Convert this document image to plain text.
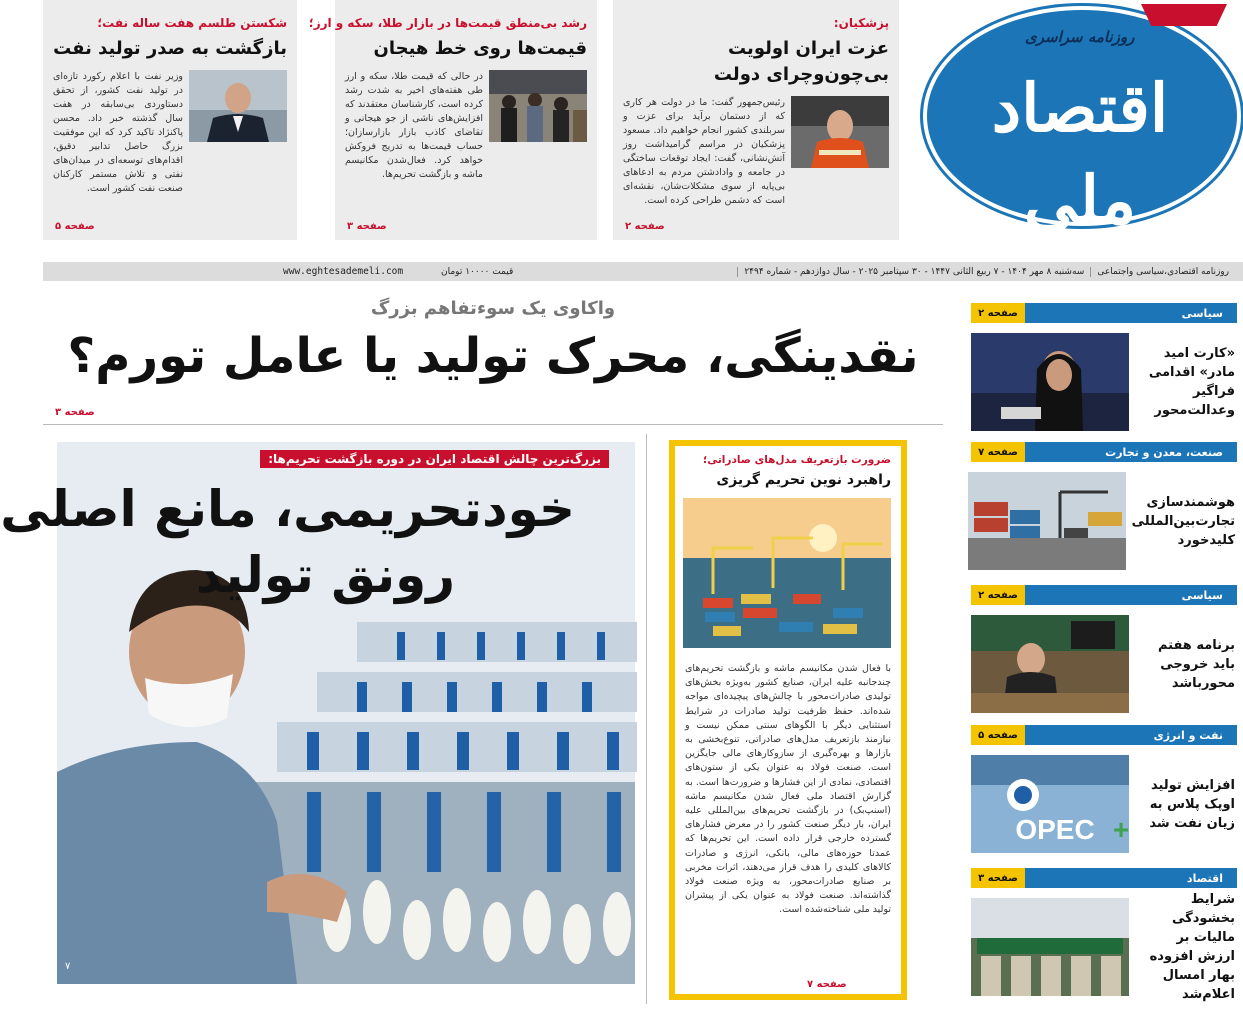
پزشکیان:
عزت ایران اولویت بی‌چون‌وچرای دولت
رئیس‌جمهور گفت: ما در دولت هر کاری که از دستمان برآید برای عزت و سربلندی کشور انجام خواهیم داد. مسعود پزشکیان در مراسم گرامیداشت روز آتش‌نشانی، گفت: ایجاد توقعات ساختگی در جامعه و وادادشتن مردم به ادعاهای بی‌پایه از سوی مشکلات‌شان، نقشه‌ای است که دشمن طراحی کرده است.
صفحه ۲
رشد بی‌منطق قیمت‌ها در بازار طلا، سکه و ارز؛
قیمت‌ها روی خط هیجان
در حالی که قیمت طلا، سکه و ارز طی هفته‌های اخیر به شدت رشد کرده است، کارشناسان معتقدند که افزایش‌های ناشی از جو هیجانی و تقاضای کاذب بازار بازارسازان؛ حساب قیمت‌ها به تدریج فروکش خواهد کرد. فعال‌شدن مکانیسم ماشه و بازگشت تحریم‌ها.
صفحه ۳
شکستن طلسم هفت ساله نفت؛
بازگشت به صدر تولید نفت
وزیر نفت با اعلام رکورد تازه‌ای در تولید نفت کشور، از تحقق دستاوردی بی‌سابقه در هفت سال گذشته خبر داد. محسن پاکنژاد تاکید کرد که این موفقیت بزرگ حاصل تدابیر دقیق، اقدام‌های توسعه‌ای در میدان‌های نفتی و تلاش مستمر کارکنان صنعت نفت کشور است.
صفحه ۵
روزنامه سراسری
اقتصاد ملی
روزنامه اقتصادی،سیاسی واجتماعی
سه‌شنبه ۸ مهر ۱۴۰۴ - ۷ ربیع الثانی ۱۴۴۷ - ۳۰ سپتامبر ۲۰۲۵ - سال دوازدهم - شماره ۲۴۹۴
قیمت ۱۰۰۰۰ تومان
www.eghtesademeli.com
واکاوی یک سوء‌تفاهم بزرگ
نقدینگی، محرک تولید یا عامل تورم؟
صفحه ۳
بزرگ‌ترین چالش اقتصاد ایران در دوره بازگشت تحریم‌ها:
خودتحریمی، مانع اصلی
رونق تولید
۷
ضرورت بازتعریف مدل‌های صادراتی؛
راهبرد نوین تحریم گریزی
با فعال شدن مکانیسم ماشه و بازگشت تحریم‌های چندجانبه علیه ایران، صنایع کشور به‌ویژه بخش‌های تولیدی صادرات‌محور با چالش‌های پیچیده‌ای مواجه شده‌اند. حفظ ظرفیت تولید صادرات در شرایط استثنایی دیگر با الگوهای سنتی ممکن نیست و نیازمند بازتعریف مدل‌های صادراتی، تنوع‌بخشی به بازارها و بهره‌گیری از سازوکارهای مالی جایگزین است. صنعت فولاد به عنوان یکی از ستون‌های اقتصادی، نمادی از این فشارها و ضرورت‌ها است. به گزارش اقتصاد ملی فعال شدن مکانیسم ماشه (اسنپ‌بک) در بازگشت تحریم‌های بین‌المللی علیه ایران، بار دیگر صنعت کشور را در معرض فشارهای گسترده خارجی قرار داده است. این تحریم‌ها که عمدتا حوزه‌های مالی، بانکی، انرژی و صادرات کالاهای کلیدی را هدف قرار می‌دهند، اثرات مخربی بر صنایع صادرات‌محور، به ویژه صنعت فولاد گذاشته‌اند. صنعت فولاد به عنوان یکی از پیشران تولید ملی شناخته‌شده است.
صفحه ۷
سیاسی
صفحه ۲
«کارت امید مادر» اقدامی فراگیر وعدالت‌محور
صنعت، معدن و تجارت
صفحه ۷
هوشمندسازی تجارت‌بین‌المللی کلیدخورد
سیاسی
صفحه ۲
برنامه هفتم باید خروجی محورباشد
نفت و انرژی
صفحه ۵
افزایش تولید اوپک پلاس به زیان نفت شد
OPEC +
اقتصاد
صفحه ۳
شرایط بخشودگی مالیات بر ارزش افزوده بهار امسال اعلام‌شد
